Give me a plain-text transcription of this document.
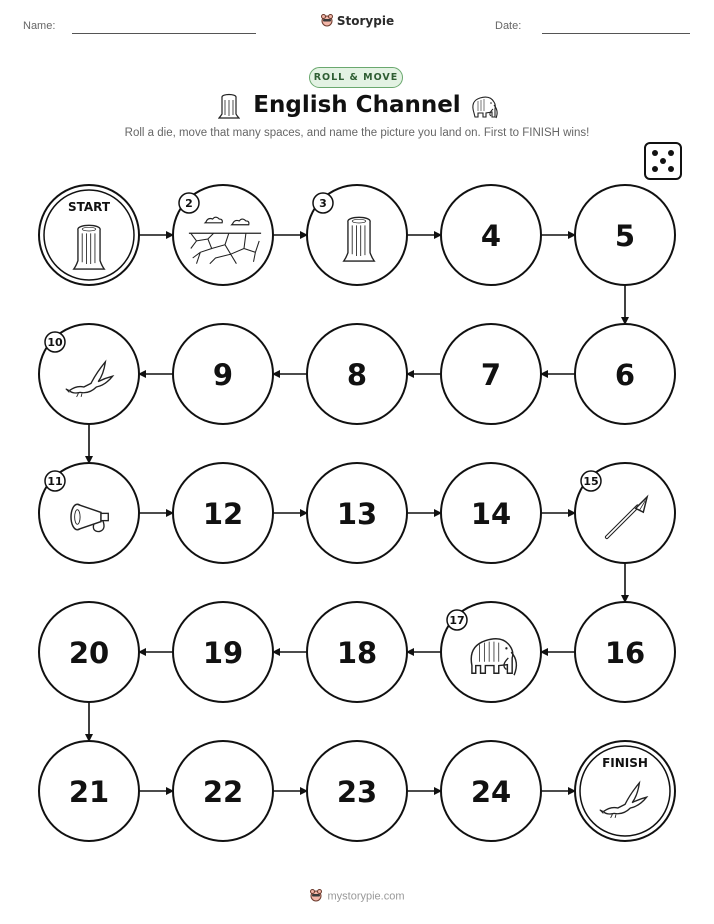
Name:	Storypie	Date:
ROLL & MOVE
English Channel
Roll a die, move that many spaces, and name the picture you land on. First to FINISH wins!
START	2	3
4	5
6
7
8
9
10
11
12	13	14
15
16
17
18
19
20
21	22	23	24
FINISH
mystorypie.com
